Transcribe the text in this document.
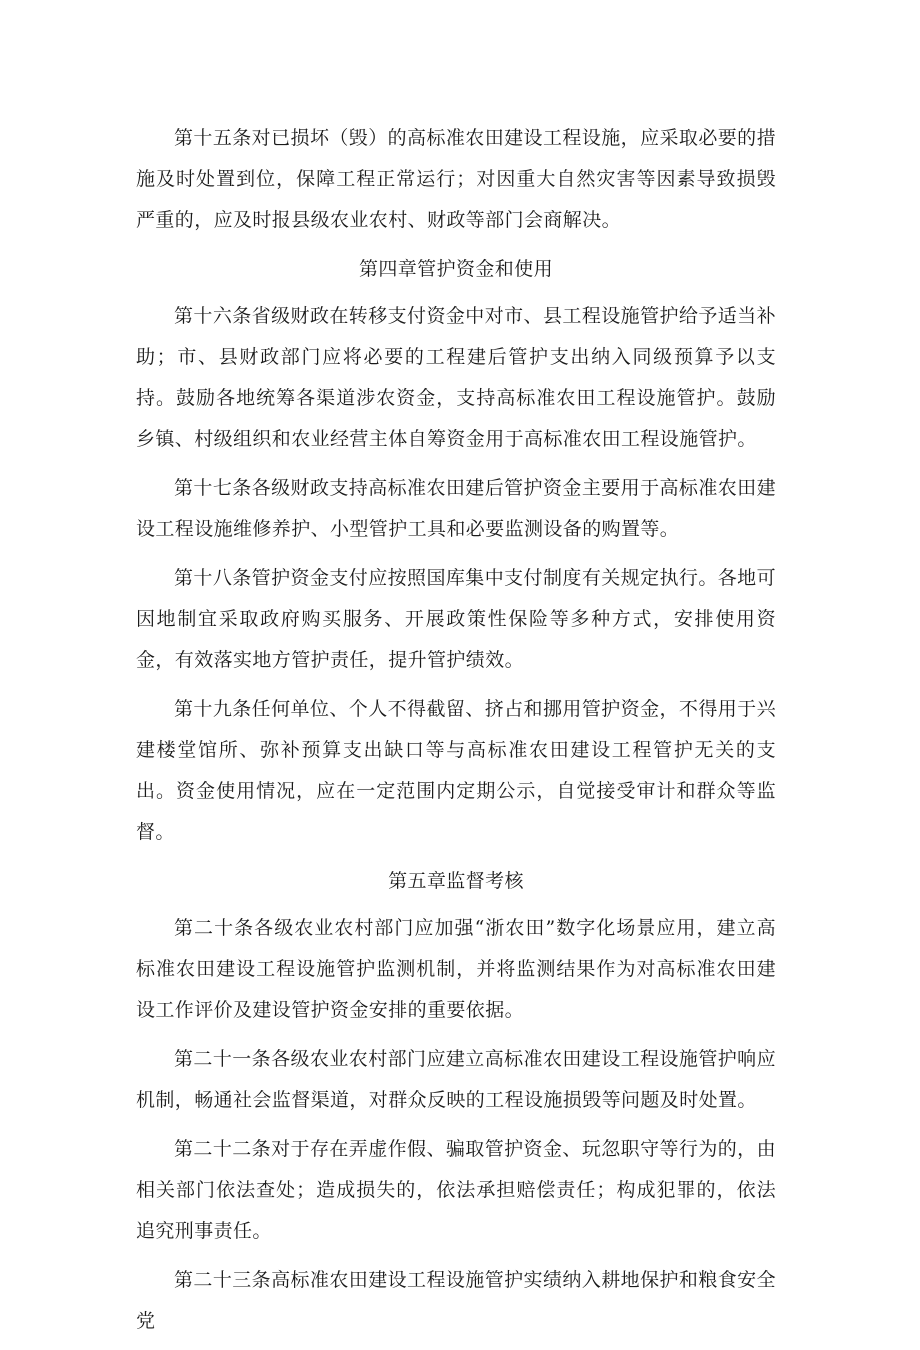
第十五条对已损坏（毁）的高标准农田建设工程设施，应采取必要的措施及时处置到位，保障工程正常运行；对因重大自然灾害等因素导致损毁严重的，应及时报县级农业农村、财政等部门会商解决。

第四章管护资金和使用

第十六条省级财政在转移支付资金中对市、县工程设施管护给予适当补助；市、县财政部门应将必要的工程建后管护支出纳入同级预算予以支持。鼓励各地统筹各渠道涉农资金，支持高标准农田工程设施管护。鼓励乡镇、村级组织和农业经营主体自筹资金用于高标准农田工程设施管护。

第十七条各级财政支持高标准农田建后管护资金主要用于高标准农田建设工程设施维修养护、小型管护工具和必要监测设备的购置等。

第十八条管护资金支付应按照国库集中支付制度有关规定执行。各地可因地制宜采取政府购买服务、开展政策性保险等多种方式，安排使用资金，有效落实地方管护责任，提升管护绩效。

第十九条任何单位、个人不得截留、挤占和挪用管护资金，不得用于兴建楼堂馆所、弥补预算支出缺口等与高标准农田建设工程管护无关的支出。资金使用情况，应在一定范围内定期公示，自觉接受审计和群众等监督。

第五章监督考核

第二十条各级农业农村部门应加强“浙农田”数字化场景应用，建立高标准农田建设工程设施管护监测机制，并将监测结果作为对高标准农田建设工作评价及建设管护资金安排的重要依据。

第二十一条各级农业农村部门应建立高标准农田建设工程设施管护响应机制，畅通社会监督渠道，对群众反映的工程设施损毁等问题及时处置。

第二十二条对于存在弄虚作假、骗取管护资金、玩忽职守等行为的，由相关部门依法查处；造成损失的，依法承担赔偿责任；构成犯罪的，依法追究刑事责任。

第二十三条高标准农田建设工程设施管护实绩纳入耕地保护和粮食安全党
